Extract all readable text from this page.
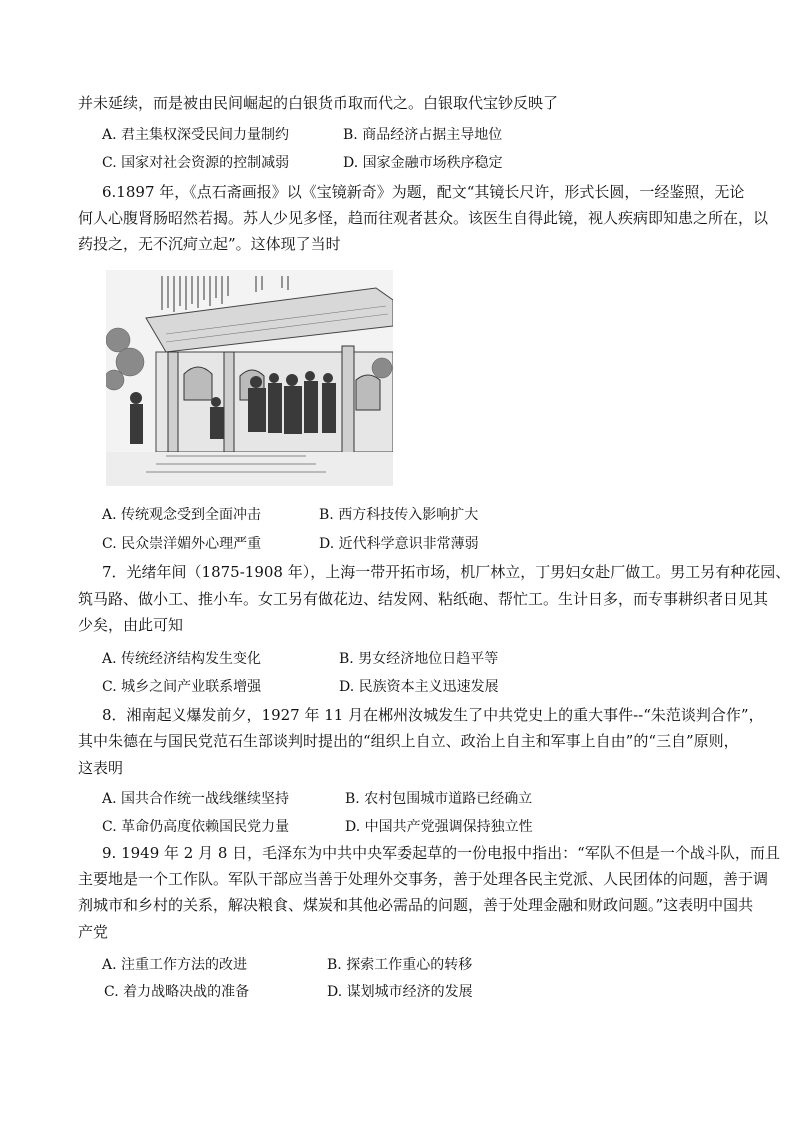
并未延续，而是被由民间崛起的白银货币取而代之。白银取代宝钞反映了
A. 君主集权深受民间力量制约	B. 商品经济占据主导地位
C. 国家对社会资源的控制减弱	D. 国家金融市场秩序稳定
6.1897 年，《点石斋画报》以《宝镜新奇》为题，配文“其镜长尺许，形式长圆，一经鉴照，无论
何人心腹肾肠昭然若揭。苏人少见多怪，趋而往观者甚众。该医生自得此镜，视人疾病即知患之所在，以
药投之，无不沉疴立起”。这体现了当时
A. 传统观念受到全面冲击	B. 西方科技传入影响扩大
C. 民众崇洋媚外心理严重	D. 近代科学意识非常薄弱
7．光绪年间（1875-1908 年），上海一带开拓市场，机厂林立，丁男妇女赴厂做工。男工另有种花园、
筑马路、做小工、推小车。女工另有做花边、结发网、粘纸砲、帮忙工。生计日多，而专事耕织者日见其
少矣，由此可知
A. 传统经济结构发生变化	B. 男女经济地位日趋平等
C. 城乡之间产业联系增强	D. 民族资本主义迅速发展
8．湘南起义爆发前夕，1927 年 11 月在郴州汝城发生了中共党史上的重大事件--“朱范谈判合作”，
其中朱德在与国民党范石生部谈判时提出的“组织上自立、政治上自主和军事上自由”的“三自”原则，
这表明
A. 国共合作统一战线继续坚持	B. 农村包围城市道路已经确立
C. 革命仍高度依赖国民党力量	D. 中国共产党强调保持独立性
9. 1949 年 2 月 8 日，毛泽东为中共中央军委起草的一份电报中指出：“军队不但是一个战斗队，而且
主要地是一个工作队。军队干部应当善于处理外交事务，善于处理各民主党派、人民团体的问题，善于调
剂城市和乡村的关系，解决粮食、煤炭和其他必需品的问题，善于处理金融和财政问题。”这表明中国共
产党
A. 注重工作方法的改进	B. 探索工作重心的转移
C. 着力战略决战的准备	D. 谋划城市经济的发展
